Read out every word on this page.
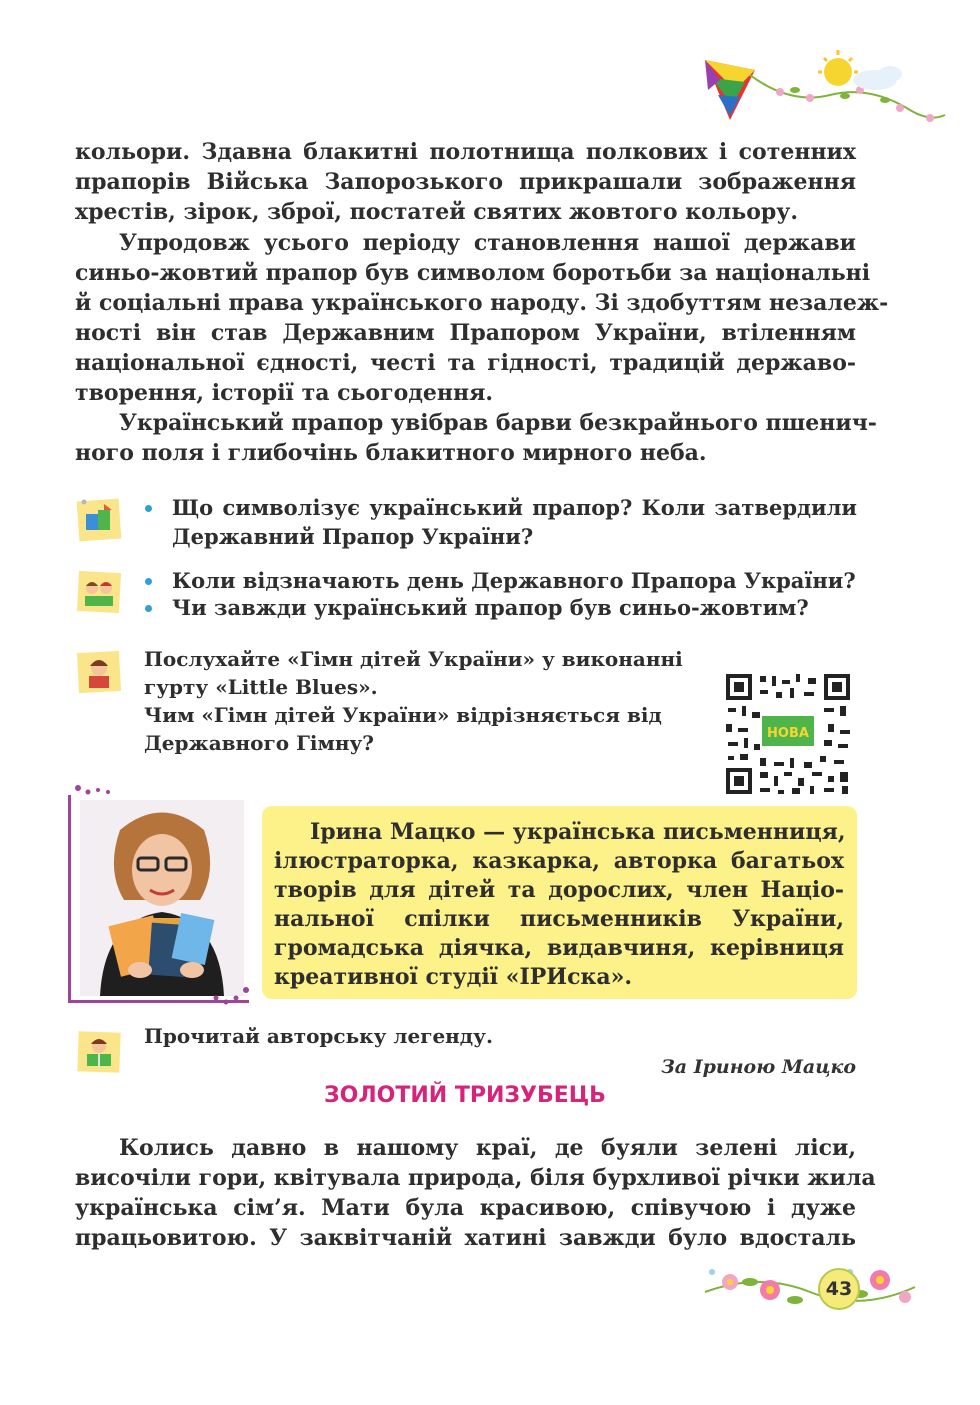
кольори. Здавна блакитні полотнища полкових і сотенних
прапорів Війська Запорозького прикрашали зображення
хрестів, зірок, зброї, постатей святих жовтого кольору.
Упродовж усього періоду становлення нашої держави
синьо-жовтий прапор був символом боротьби за національні
й соціальні права українського народу. Зі здобуттям незалеж-
ності він став Державним Прапором України, втіленням
національної єдності, честі та гідності, традицій державо-
творення, історії та сьогодення.
Український прапор увібрав барви безкрайнього пшенич-
ного поля і глибочінь блакитного мирного неба.
Що символізує український прапор? Коли затвердили
Державний Прапор України?
Коли відзначають день Державного Прапора України?
Чи завжди український прапор був синьо-жовтим?
Послухайте «Гімн дітей України» у виконанні
гурту «Little Blues».
Чим «Гімн дітей України» відрізняється від
Державного Гімну?	НОВА
Ірина Мацко — українська письменниця,
ілюстраторка, казкарка, авторка багатьох
творів для дітей та дорослих, член Націо-
нальної спілки письменників України,
громадська діячка, видавчиня, керівниця
креативної студії «ІРИска».
Прочитай авторську легенду.
За Іриною Мацко
ЗОЛОТИЙ ТРИЗУБЕЦЬ
Колись давно в нашому краї, де буяли зелені ліси,
височіли гори, квітувала природа, біля бурхливої річки жила
українська сім’я. Мати була красивою, співучою і дуже
працьовитою. У заквітчаній хатині завжди було вдосталь
43
